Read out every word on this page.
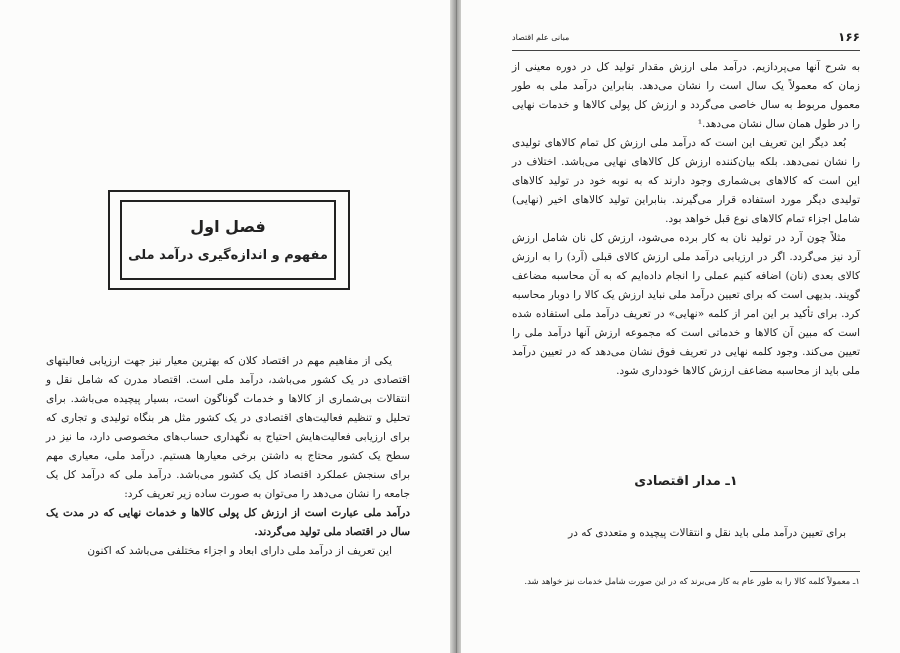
فصل اول
مفهوم و اندازه‌گیری درآمد ملی

یکی از مفاهیم مهم در اقتصاد کلان که بهترین معیار نیز جهت ارزیابی فعالیتهای اقتصادی در یک کشور می‌باشد، درآمد ملی است. اقتصاد مدرن که شامل نقل و انتقالات بی‌شماری از کالاها و خدمات گوناگون است، بسیار پیچیده می‌باشد. برای تحلیل و تنظیم فعالیت‌های اقتصادی در یک کشور مثل هر بنگاه تولیدی و تجاری که برای ارزیابی فعالیت‌هایش احتیاج به نگهداری حساب‌های مخصوصی دارد، ما نیز در سطح یک کشور محتاج به داشتن برخی معیارها هستیم. درآمد ملی، معیاری مهم برای سنجش عملکرد اقتصاد کل یک کشور می‌باشد. درآمد ملی که درآمد کل یک جامعه را نشان می‌دهد را می‌توان به صورت ساده زیر تعریف کرد:

درآمد ملی عبارت است از ارزش کل پولی کالاها و خدمات نهایی که در مدت یک سال در اقتصاد ملی تولید می‌گردند.

این تعریف از درآمد ملی دارای ابعاد و اجزاء مختلفی می‌باشد که اکنون

۱۶۶
مبانی علم اقتصاد

به شرح آنها می‌پردازیم. درآمد ملی ارزش مقدار تولید کل در دوره معینی از زمان که معمولاً یک سال است را نشان می‌دهد. بنابراین درآمد ملی به طور معمول مربوط به سال خاصی می‌گردد و ارزش کل پولی کالاها و خدمات نهایی را در طول همان سال نشان می‌دهد.¹

بُعد دیگر این تعریف این است که درآمد ملی ارزش کل تمام کالاهای تولیدی را نشان نمی‌دهد. بلکه بیان‌کننده ارزش کل کالاهای نهایی می‌باشد. اختلاف در این است که کالاهای بی‌شماری وجود دارند که به نوبه خود در تولید کالاهای تولیدی دیگر مورد استفاده قرار می‌گیرند. بنابراین تولید کالاهای اخیر (نهایی) شامل اجزاء تمام کالاهای نوع قبل خواهد بود.

مثلاً چون آرد در تولید نان به کار برده می‌شود، ارزش کل نان شامل ارزش آرد نیز می‌گردد. اگر در ارزیابی درآمد ملی ارزش کالای قبلی (آرد) را به ارزش کالای بعدی (نان) اضافه کنیم عملی را انجام داده‌ایم که به آن محاسبه مضاعف گویند. بدیهی است که برای تعیین درآمد ملی نباید ارزش یک کالا را دوبار محاسبه کرد. برای تأکید بر این امر از کلمه «نهایی» در تعریف درآمد ملی استفاده شده است که مبین آن کالاها و خدماتی است که مجموعه ارزش آنها درآمد ملی را تعیین می‌کند. وجود کلمه نهایی در تعریف فوق نشان می‌دهد که در تعیین درآمد ملی باید از محاسبه مضاعف ارزش کالاها خودداری شود.

۱ـ مدار اقتصادی
برای تعیین درآمد ملی باید نقل و انتقالات پیچیده و متعددی که در
۱ـ معمولاً کلمه کالا را به طور عام به کار می‌برند که در این صورت شامل خدمات نیز خواهد شد.
